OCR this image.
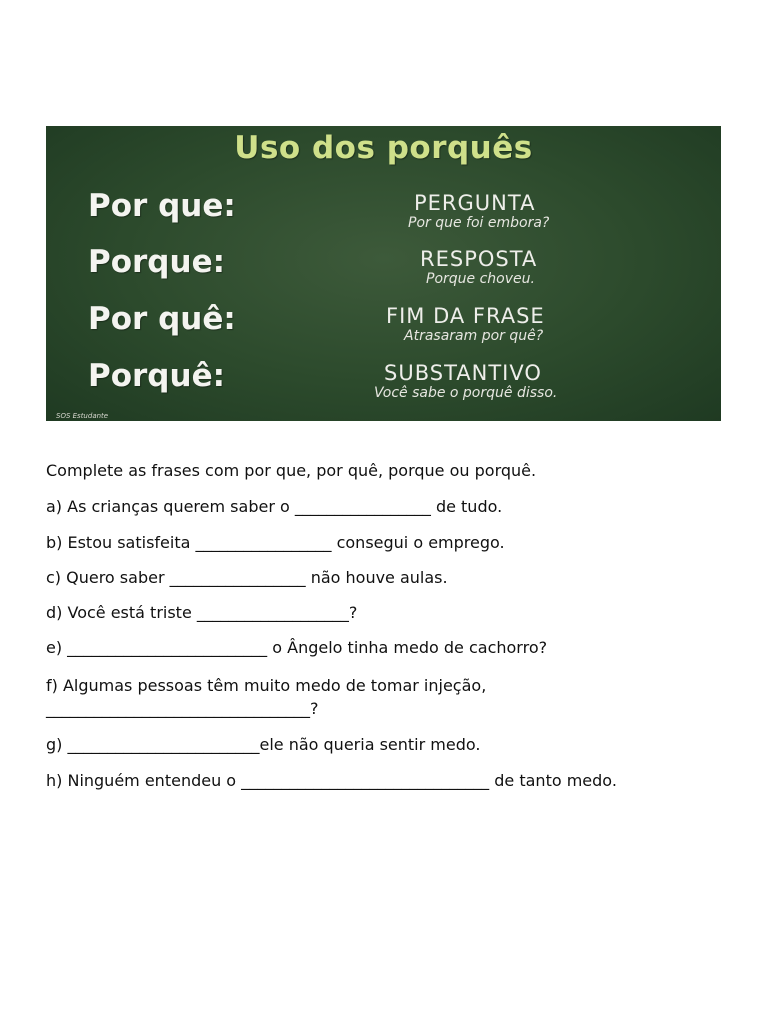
Uso dos porquês
Por que:	PERGUNTA
Por que foi embora?
Porque:	RESPOSTA
Porque choveu.
Por quê:	FIM DA FRASE
Atrasaram por quê?
Porquê:	SUBSTANTIVO
Você sabe o porquê disso.
SOS Estudante
Complete as frases com por que, por quê, porque ou porquê.
a) As crianças querem saber o _________________ de tudo.
b) Estou satisfeita _________________ consegui o emprego.
c) Quero saber _________________ não houve aulas.
d) Você está triste ___________________?
e) _________________________ o Ângelo tinha medo de cachorro?
f) Algumas pessoas têm muito medo de tomar injeção,
_________________________________?
g) ________________________ele não queria sentir medo.
h) Ninguém entendeu o _______________________________ de tanto medo.
